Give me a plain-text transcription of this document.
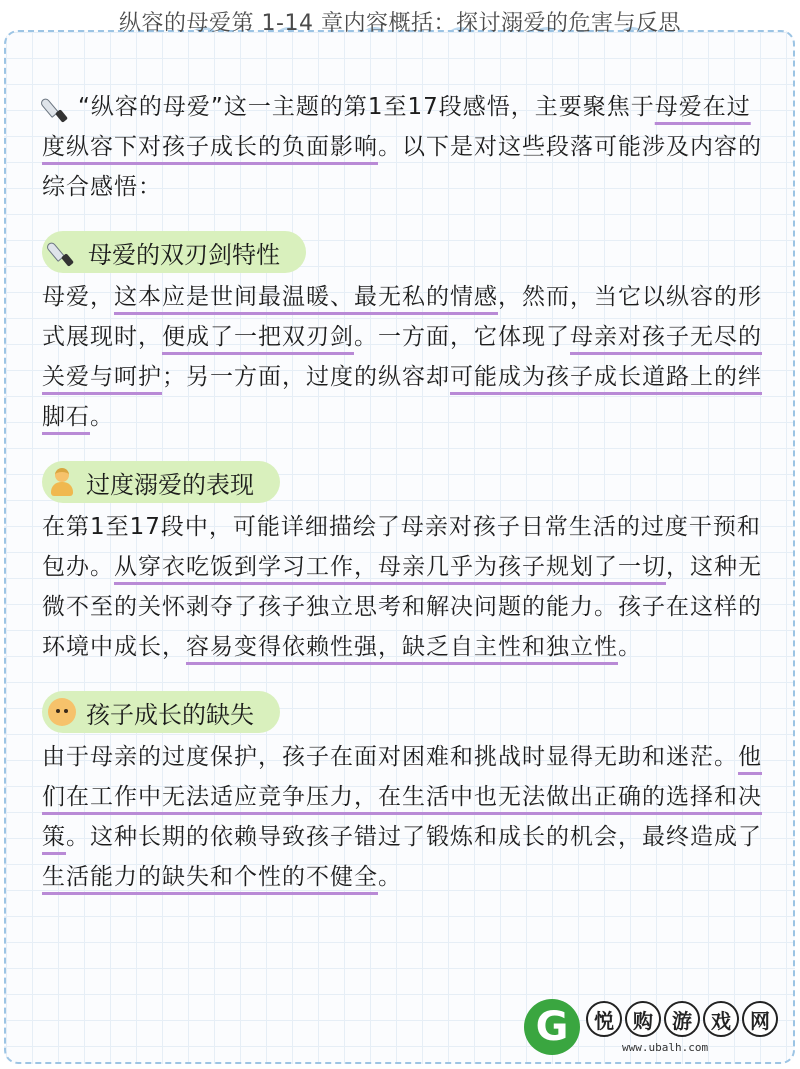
纵容的母爱第 1-14 章内容概括：探讨溺爱的危害与反思
“纵容的母爱”这一主题的第1至17段感悟，主要聚焦于母爱在过度纵容下对孩子成长的负面影响。以下是对这些段落可能涉及内容的综合感悟：
母爱的双刃剑特性
母爱，这本应是世间最温暖、最无私的情感，然而，当它以纵容的形式展现时，便成了一把双刃剑。一方面，它体现了母亲对孩子无尽的关爱与呵护；另一方面，过度的纵容却可能成为孩子成长道路上的绊脚石。
过度溺爱的表现
在第1至17段中，可能详细描绘了母亲对孩子日常生活的过度干预和包办。从穿衣吃饭到学习工作，母亲几乎为孩子规划了一切，这种无微不至的关怀剥夺了孩子独立思考和解决问题的能力。孩子在这样的环境中成长，容易变得依赖性强，缺乏自主性和独立性。
孩子成长的缺失
由于母亲的过度保护，孩子在面对困难和挑战时显得无助和迷茫。他们在工作中无法适应竞争压力，在生活中也无法做出正确的选择和决策。这种长期的依赖导致孩子错过了锻炼和成长的机会，最终造成了生活能力的缺失和个性的不健全。
G	悦 购 游 戏 网
www.ubalh.com
